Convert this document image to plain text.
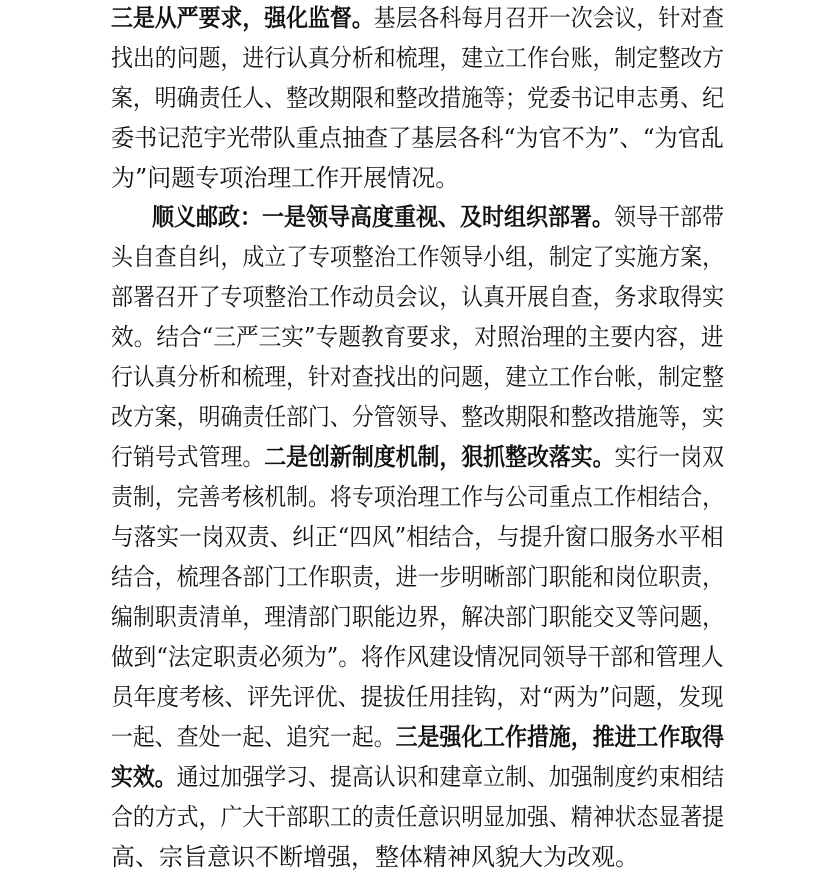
三是从严要求，强化监督。基层各科每月召开一次会议，针对查
找出的问题，进行认真分析和梳理，建立工作台账，制定整改方
案，明确责任人、整改期限和整改措施等；党委书记申志勇、纪
委书记范宇光带队重点抽查了基层各科“为官不为”、“为官乱
为”问题专项治理工作开展情况。
顺义邮政：一是领导高度重视、及时组织部署。领导干部带
头自查自纠，成立了专项整治工作领导小组，制定了实施方案，
部署召开了专项整治工作动员会议，认真开展自查，务求取得实
效。结合“三严三实”专题教育要求，对照治理的主要内容，进
行认真分析和梳理，针对查找出的问题，建立工作台帐，制定整
改方案，明确责任部门、分管领导、整改期限和整改措施等，实
行销号式管理。二是创新制度机制，狠抓整改落实。实行一岗双
责制，完善考核机制。将专项治理工作与公司重点工作相结合，
与落实一岗双责、纠正“四风”相结合，与提升窗口服务水平相
结合，梳理各部门工作职责，进一步明晰部门职能和岗位职责，
编制职责清单，理清部门职能边界，解决部门职能交叉等问题，
做到“法定职责必须为”。将作风建设情况同领导干部和管理人
员年度考核、评先评优、提拔任用挂钩，对“两为”问题，发现
一起、查处一起、追究一起。三是强化工作措施，推进工作取得
实效。通过加强学习、提高认识和建章立制、加强制度约束相结
合的方式，广大干部职工的责任意识明显加强、精神状态显著提
高、宗旨意识不断增强，整体精神风貌大为改观。
